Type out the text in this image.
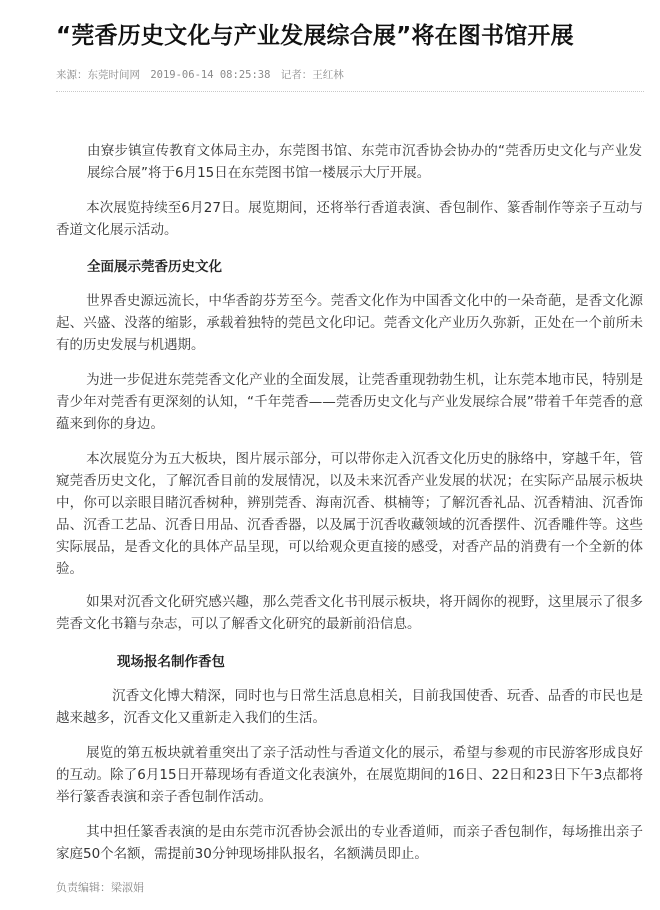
“莞香历史文化与产业发展综合展”将在图书馆开展
来源：东莞时间网 2019-06-14 08:25:38 记者：王红林

由寮步镇宣传教育文体局主办，东莞图书馆、东莞市沉香协会协办的“莞香历史文化与产业发展综合展”将于6月15日在东莞图书馆一楼展示大厅开展。

本次展览持续至6月27日。展览期间，还将举行香道表演、香包制作、篆香制作等亲子互动与香道文化展示活动。

全面展示莞香历史文化

世界香史源远流长，中华香韵芬芳至今。莞香文化作为中国香文化中的一朵奇葩，是香文化源起、兴盛、没落的缩影，承载着独特的莞邑文化印记。莞香文化产业历久弥新，正处在一个前所未有的历史发展与机遇期。

为进一步促进东莞莞香文化产业的全面发展，让莞香重现勃勃生机，让东莞本地市民，特别是青少年对莞香有更深刻的认知，“千年莞香——莞香历史文化与产业发展综合展”带着千年莞香的意蕴来到你的身边。

本次展览分为五大板块，图片展示部分，可以带你走入沉香文化历史的脉络中，穿越千年，管窥莞香历史文化，了解沉香目前的发展情况，以及未来沉香产业发展的状况；在实际产品展示板块中，你可以亲眼目睹沉香树种，辨别莞香、海南沉香、棋楠等；了解沉香礼品、沉香精油、沉香饰品、沉香工艺品、沉香日用品、沉香香器，以及属于沉香收藏领域的沉香摆件、沉香雕件等。这些实际展品，是香文化的具体产品呈现，可以给观众更直接的感受，对香产品的消费有一个全新的体验。

如果对沉香文化研究感兴趣，那么莞香文化书刊展示板块，将开阔你的视野，这里展示了很多莞香文化书籍与杂志，可以了解香文化研究的最新前沿信息。

现场报名制作香包

沉香文化博大精深，同时也与日常生活息息相关，目前我国使香、玩香、品香的市民也是越来越多，沉香文化又重新走入我们的生活。

展览的第五板块就着重突出了亲子活动性与香道文化的展示，希望与参观的市民游客形成良好的互动。除了6月15日开幕现场有香道文化表演外，在展览期间的16日、22日和23日下午3点都将举行篆香表演和亲子香包制作活动。

其中担任篆香表演的是由东莞市沉香协会派出的专业香道师，而亲子香包制作，每场推出亲子家庭50个名额，需提前30分钟现场排队报名，名额满员即止。

负责编辑：梁淑娟
